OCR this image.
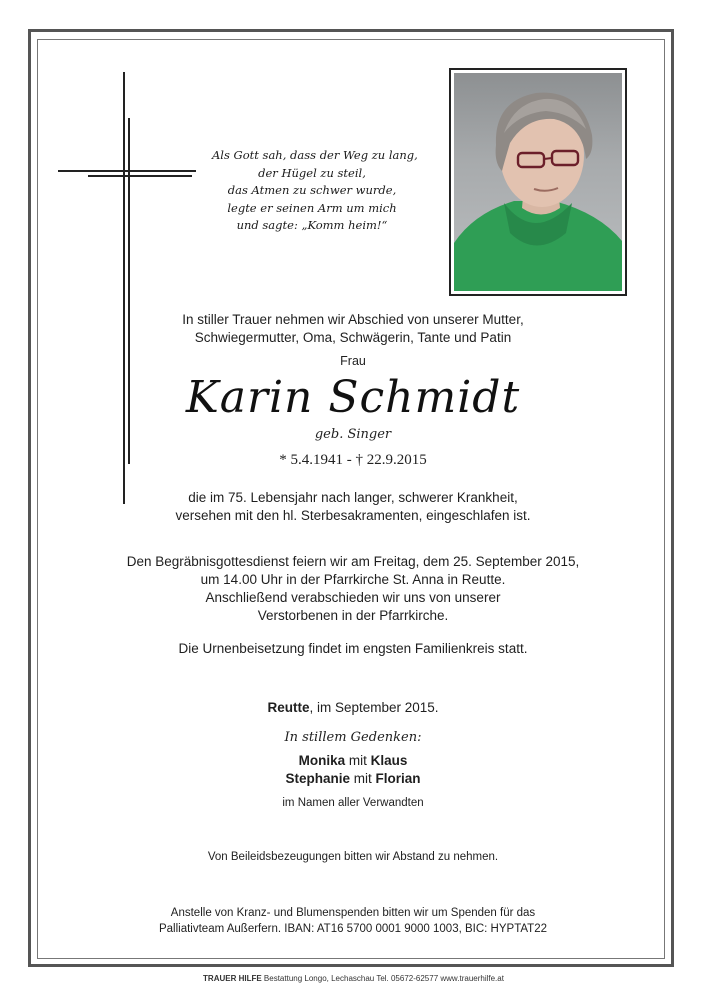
Als Gott sah, dass der Weg zu lang,
der Hügel zu steil,
das Atmen zu schwer wurde,
legte er seinen Arm um mich
und sagte: „Komm heim!“
In stiller Trauer nehmen wir Abschied von unserer Mutter,
Schwiegermutter, Oma, Schwägerin, Tante und Patin
Frau
Karin Schmidt
geb. Singer
* 5.4.1941 - † 22.9.2015
die im 75. Lebensjahr nach langer, schwerer Krankheit,
versehen mit den hl. Sterbesakramenten, eingeschlafen ist.
Den Begräbnisgottesdienst feiern wir am Freitag, dem 25. September 2015,
um 14.00 Uhr in der Pfarrkirche St. Anna in Reutte.
Anschließend verabschieden wir uns von unserer
Verstorbenen in der Pfarrkirche.
Die Urnenbeisetzung findet im engsten Familienkreis statt.
Reutte, im September 2015.
In stillem Gedenken:
Monika mit Klaus
Stephanie mit Florian
im Namen aller Verwandten
Von Beileidsbezeugungen bitten wir Abstand zu nehmen.
Anstelle von Kranz- und Blumenspenden bitten wir um Spenden für das
Palliativteam Außerfern. IBAN: AT16 5700 0001 9000 1003, BIC: HYPTAT22
TRAUER HILFE Bestattung Longo, Lechaschau Tel. 05672-62577 www.trauerhilfe.at
